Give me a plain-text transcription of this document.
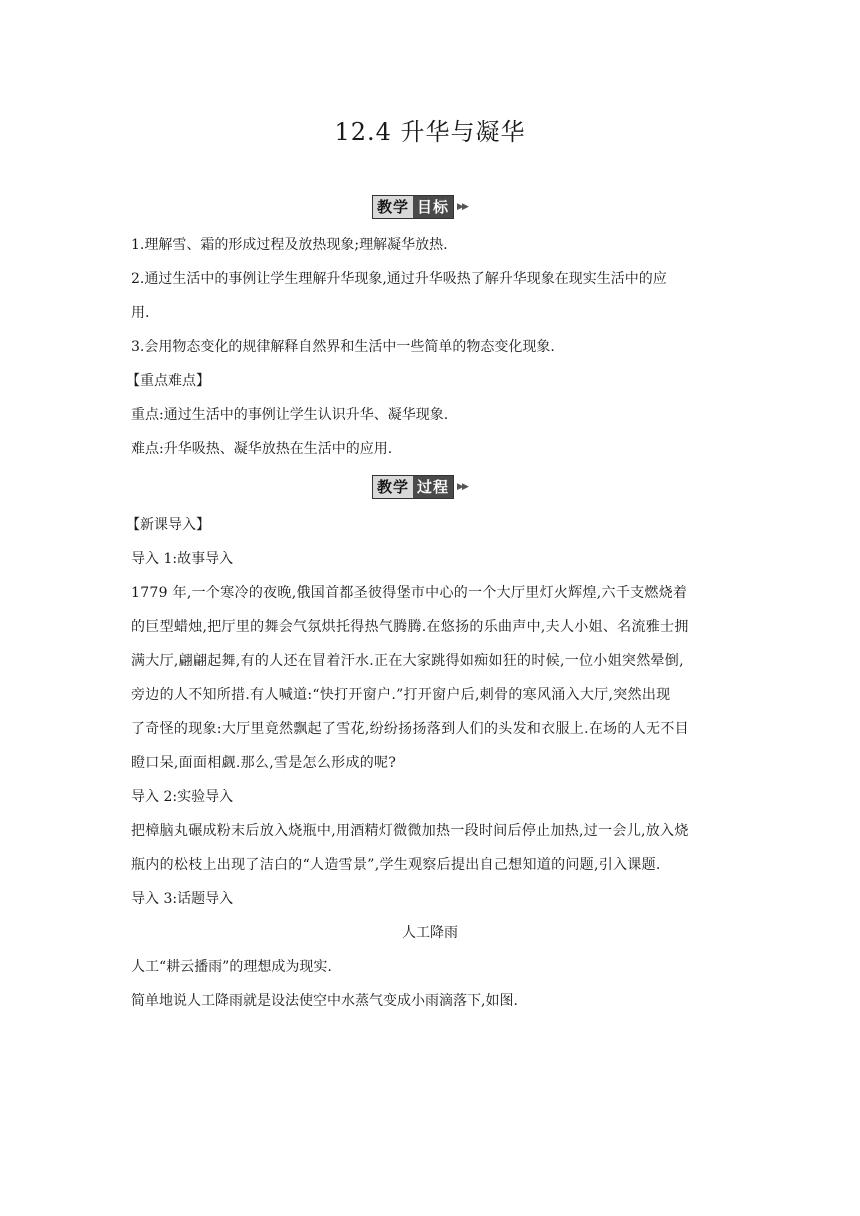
12.4 升华与凝华
教学 目标 ▶▶
1.理解雪、霜的形成过程及放热现象;理解凝华放热.
2.通过生活中的事例让学生理解升华现象,通过升华吸热了解升华现象在现实生活中的应
用.
3.会用物态变化的规律解释自然界和生活中一些简单的物态变化现象.
【重点难点】
重点:通过生活中的事例让学生认识升华、凝华现象.
难点:升华吸热、凝华放热在生活中的应用.
教学 过程 ▶▶
【新课导入】
导入 1:故事导入
1779 年,一个寒冷的夜晚,俄国首都圣彼得堡市中心的一个大厅里灯火辉煌,六千支燃烧着
的巨型蜡烛,把厅里的舞会气氛烘托得热气腾腾.在悠扬的乐曲声中,夫人小姐、名流雅士拥
满大厅,翩翩起舞,有的人还在冒着汗水.正在大家跳得如痴如狂的时候,一位小姐突然晕倒,
旁边的人不知所措.有人喊道:“快打开窗户.”打开窗户后,刺骨的寒风涌入大厅,突然出现
了奇怪的现象:大厅里竟然飘起了雪花,纷纷扬扬落到人们的头发和衣服上.在场的人无不目
瞪口呆,面面相觑.那么,雪是怎么形成的呢?
导入 2:实验导入
把樟脑丸碾成粉末后放入烧瓶中,用酒精灯微微加热一段时间后停止加热,过一会儿,放入烧
瓶内的松枝上出现了洁白的“人造雪景”,学生观察后提出自己想知道的问题,引入课题.
导入 3:话题导入
人工降雨
人工“耕云播雨”的理想成为现实.
简单地说人工降雨就是设法使空中水蒸气变成小雨滴落下,如图.
